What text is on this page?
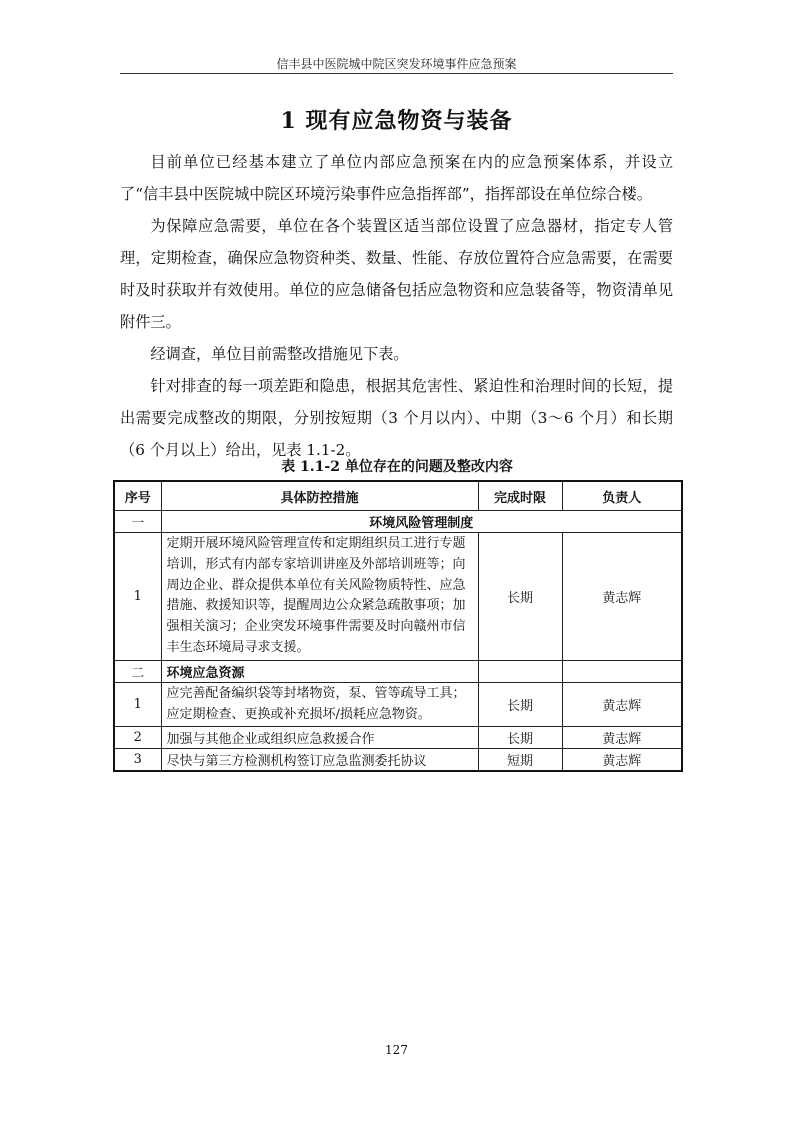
信丰县中医院城中院区突发环境事件应急预案
1 现有应急物资与装备

目前单位已经基本建立了单位内部应急预案在内的应急预案体系，并设立了“信丰县中医院城中院区环境污染事件应急指挥部”，指挥部设在单位综合楼。

为保障应急需要，单位在各个装置区适当部位设置了应急器材，指定专人管理，定期检查，确保应急物资种类、数量、性能、存放位置符合应急需要，在需要时及时获取并有效使用。单位的应急储备包括应急物资和应急装备等，物资清单见附件三。

经调查，单位目前需整改措施见下表。

针对排查的每一项差距和隐患，根据其危害性、紧迫性和治理时间的长短，提出需要完成整改的期限，分别按短期（3 个月以内）、中期（3～6 个月）和长期（6 个月以上）给出，见表 1.1-2。

表 1.1-2 单位存在的问题及整改内容
序号	具体防控措施	完成时限	负责人
一	环境风险管理制度		
1	定期开展环境风险管理宣传和定期组织员工进行专题培训，形式有内部专家培训讲座及外部培训班等；向周边企业、群众提供本单位有关风险物质特性、应急措施、救援知识等，提醒周边公众紧急疏散事项；加强相关演习；企业突发环境事件需要及时向赣州市信丰生态环境局寻求支援。	长期	黄志辉
二	环境应急资源		
1	应完善配备编织袋等封堵物资，泵、管等疏导工具；应定期检查、更换或补充损坏/损耗应急物资。	长期	黄志辉
2	加强与其他企业或组织应急救援合作	长期	黄志辉
3	尽快与第三方检测机构签订应急监测委托协议	短期	黄志辉
127
